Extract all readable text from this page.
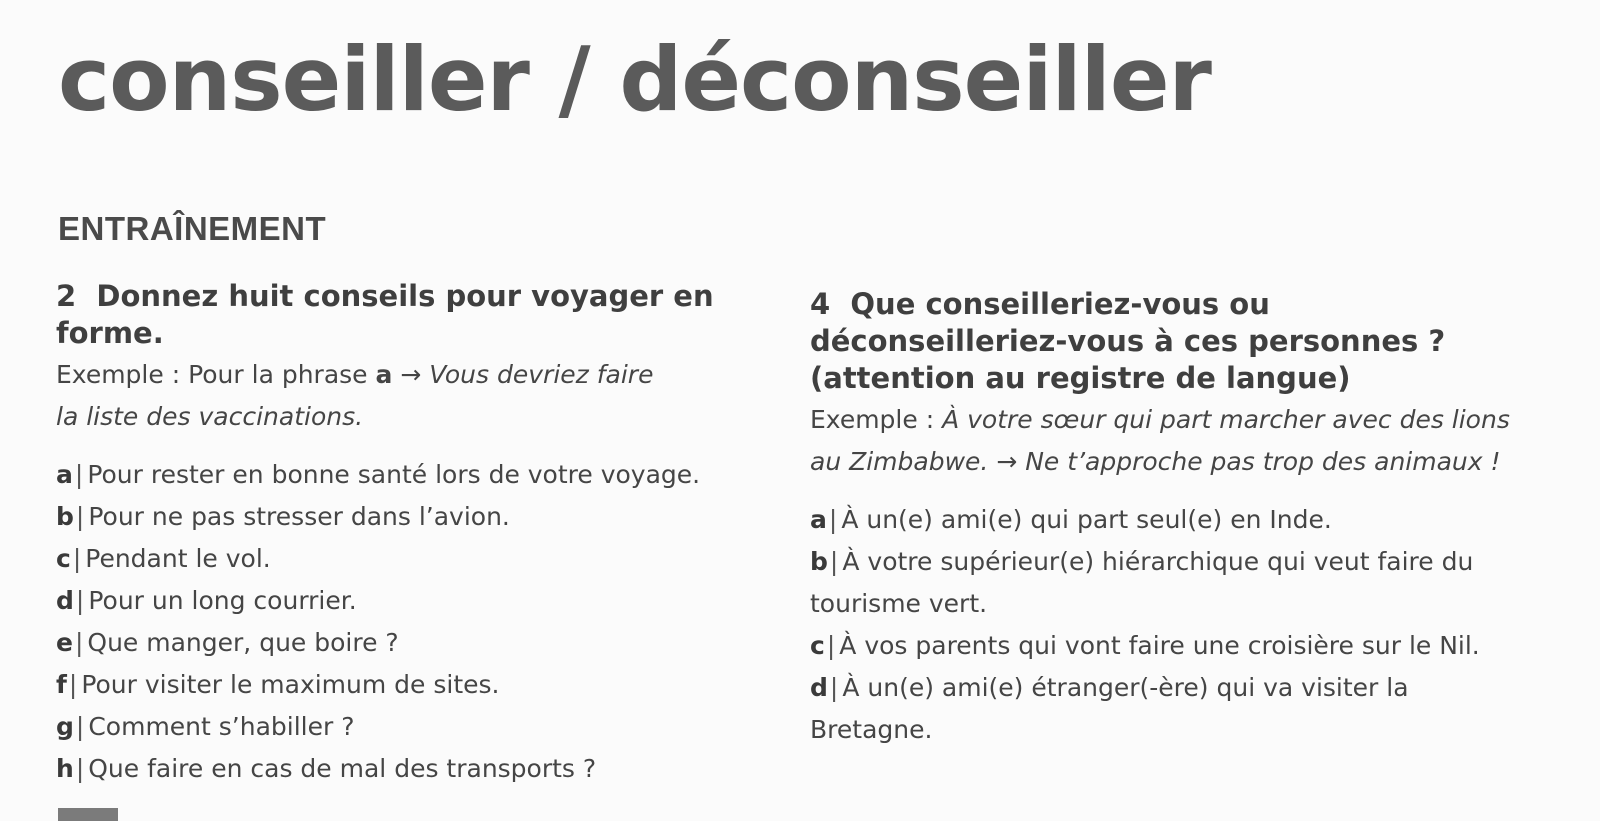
conseiller / déconseiller
ENTRAÎNEMENT

2 Donnez huit conseils pour voyager en forme.

Exemple : Pour la phrase a → Vous devriez faire
la liste des vaccinations.

a| Pour rester en bonne santé lors de votre voyage.
b| Pour ne pas stresser dans l’avion.
c| Pendant le vol.
d| Pour un long courrier.
e| Que manger, que boire ?
f| Pour visiter le maximum de sites.
g| Comment s’habiller ?
h| Que faire en cas de mal des transports ?

4 Que conseilleriez-vous ou déconseilleriez-vous à ces personnes ? (attention au registre de langue)

Exemple : À votre sœur qui part marcher avec des lions au Zimbabwe. → Ne t’approche pas trop des animaux !

a| À un(e) ami(e) qui part seul(e) en Inde.
b| À votre supérieur(e) hiérarchique qui veut faire du tourisme vert.
c| À vos parents qui vont faire une croisière sur le Nil.
d| À un(e) ami(e) étranger(-ère) qui va visiter la Bretagne.
